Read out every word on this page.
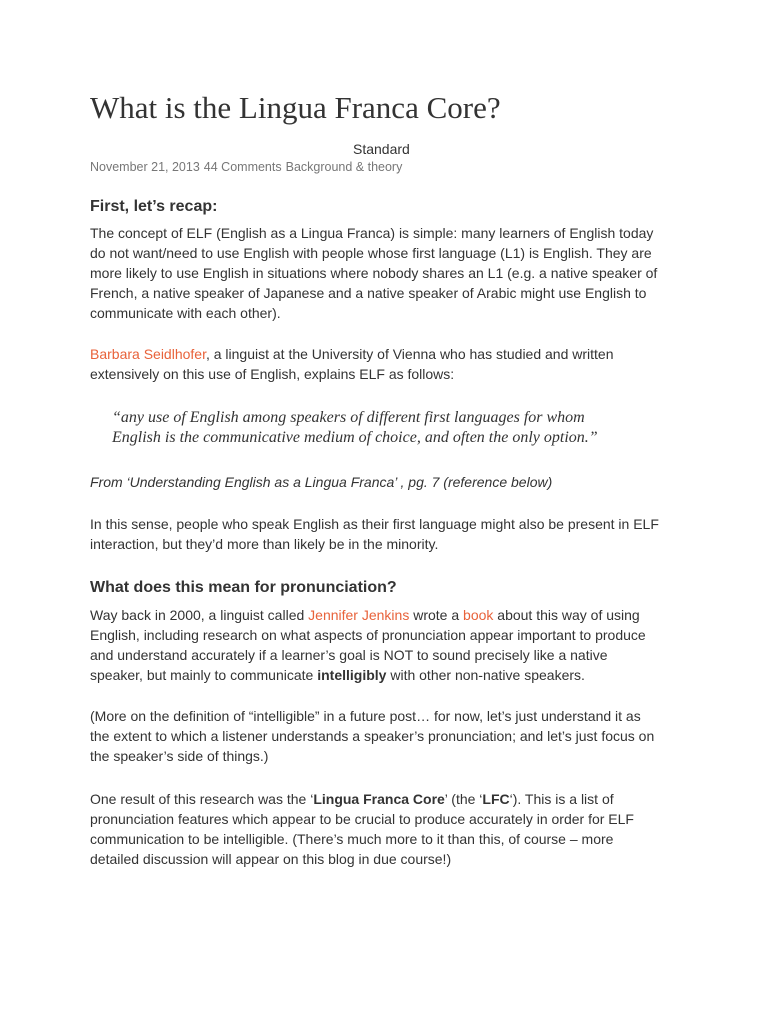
What is the Lingua Franca Core?
Standard
November 21, 2013 44 Comments Background & theory
First, let’s recap:
The concept of ELF (English as a Lingua Franca) is simple: many learners of English today
do not want/need to use English with people whose first language (L1) is English. They are
more likely to use English in situations where nobody shares an L1 (e.g. a native speaker of
French, a native speaker of Japanese and a native speaker of Arabic might use English to
communicate with each other).
Barbara Seidlhofer, a linguist at the University of Vienna who has studied and written
extensively on this use of English, explains ELF as follows:
“any use of English among speakers of different first languages for whom
English is the communicative medium of choice, and often the only option.”
From ‘Understanding English as a Lingua Franca’ , pg. 7 (reference below)
In this sense, people who speak English as their first language might also be present in ELF
interaction, but they’d more than likely be in the minority.
What does this mean for pronunciation?
Way back in 2000, a linguist called Jennifer Jenkins wrote a book about this way of using
English, including research on what aspects of pronunciation appear important to produce
and understand accurately if a learner’s goal is NOT to sound precisely like a native
speaker, but mainly to communicate intelligibly with other non-native speakers.
(More on the definition of “intelligible” in a future post… for now, let’s just understand it as
the extent to which a listener understands a speaker’s pronunciation; and let’s just focus on
the speaker’s side of things.)
One result of this research was the ‘Lingua Franca Core’ (the ‘LFC‘). This is a list of
pronunciation features which appear to be crucial to produce accurately in order for ELF
communication to be intelligible. (There’s much more to it than this, of course – more
detailed discussion will appear on this blog in due course!)
